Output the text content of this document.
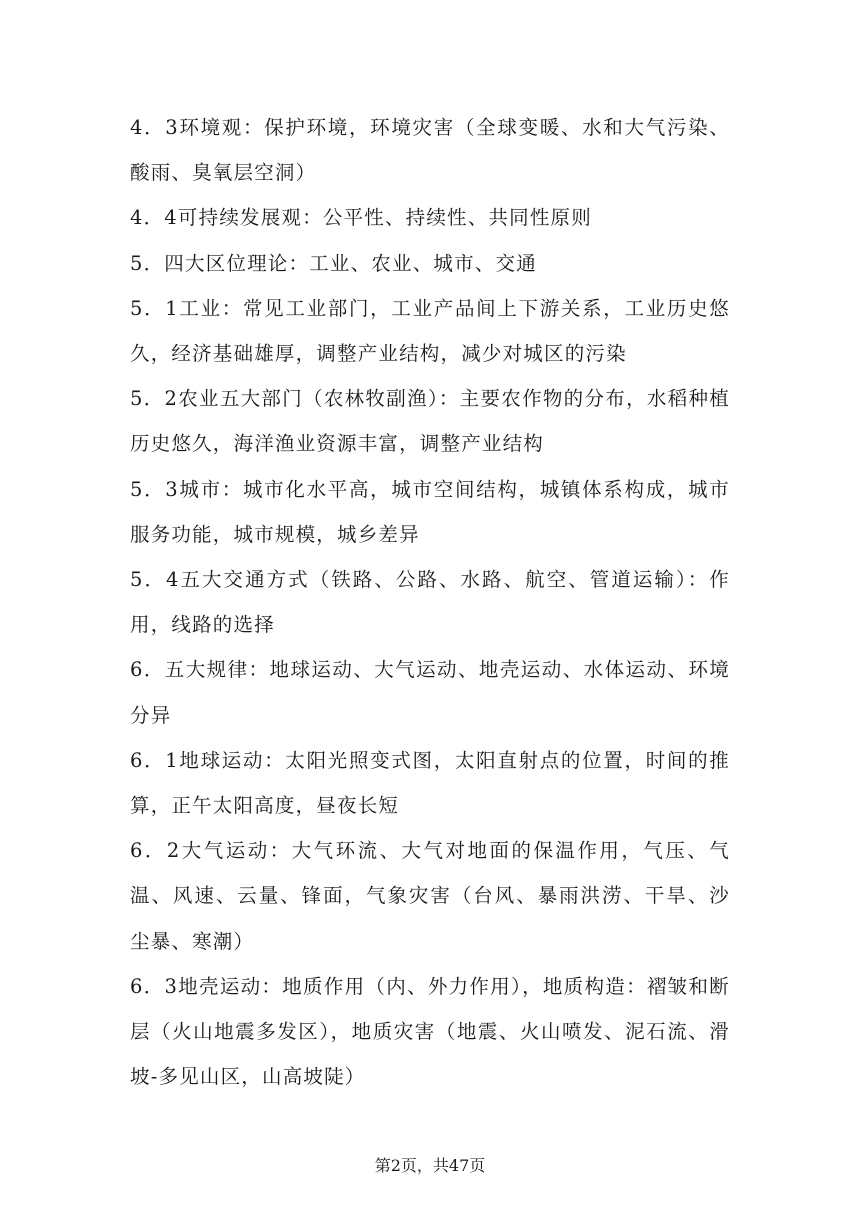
4．3环境观：保护环境，环境灾害（全球变暖、水和大气污染、酸雨、臭氧层空洞）

4．4可持续发展观：公平性、持续性、共同性原则

5．四大区位理论：工业、农业、城市、交通

5．1工业：常见工业部门，工业产品间上下游关系，工业历史悠久，经济基础雄厚，调整产业结构，减少对城区的污染

5．2农业五大部门（农林牧副渔）：主要农作物的分布，水稻种植历史悠久，海洋渔业资源丰富，调整产业结构

5．3城市：城市化水平高，城市空间结构，城镇体系构成，城市服务功能，城市规模，城乡差异

5．4五大交通方式（铁路、公路、水路、航空、管道运输）：作用，线路的选择

6．五大规律：地球运动、大气运动、地壳运动、水体运动、环境分异

6．1地球运动：太阳光照变式图，太阳直射点的位置，时间的推算，正午太阳高度，昼夜长短

6．2大气运动：大气环流、大气对地面的保温作用，气压、气温、风速、云量、锋面，气象灾害（台风、暴雨洪涝、干旱、沙尘暴、寒潮）

6．3地壳运动：地质作用（内、外力作用），地质构造：褶皱和断层（火山地震多发区），地质灾害（地震、火山喷发、泥石流、滑坡-多见山区，山高坡陡）

第2页，共47页
